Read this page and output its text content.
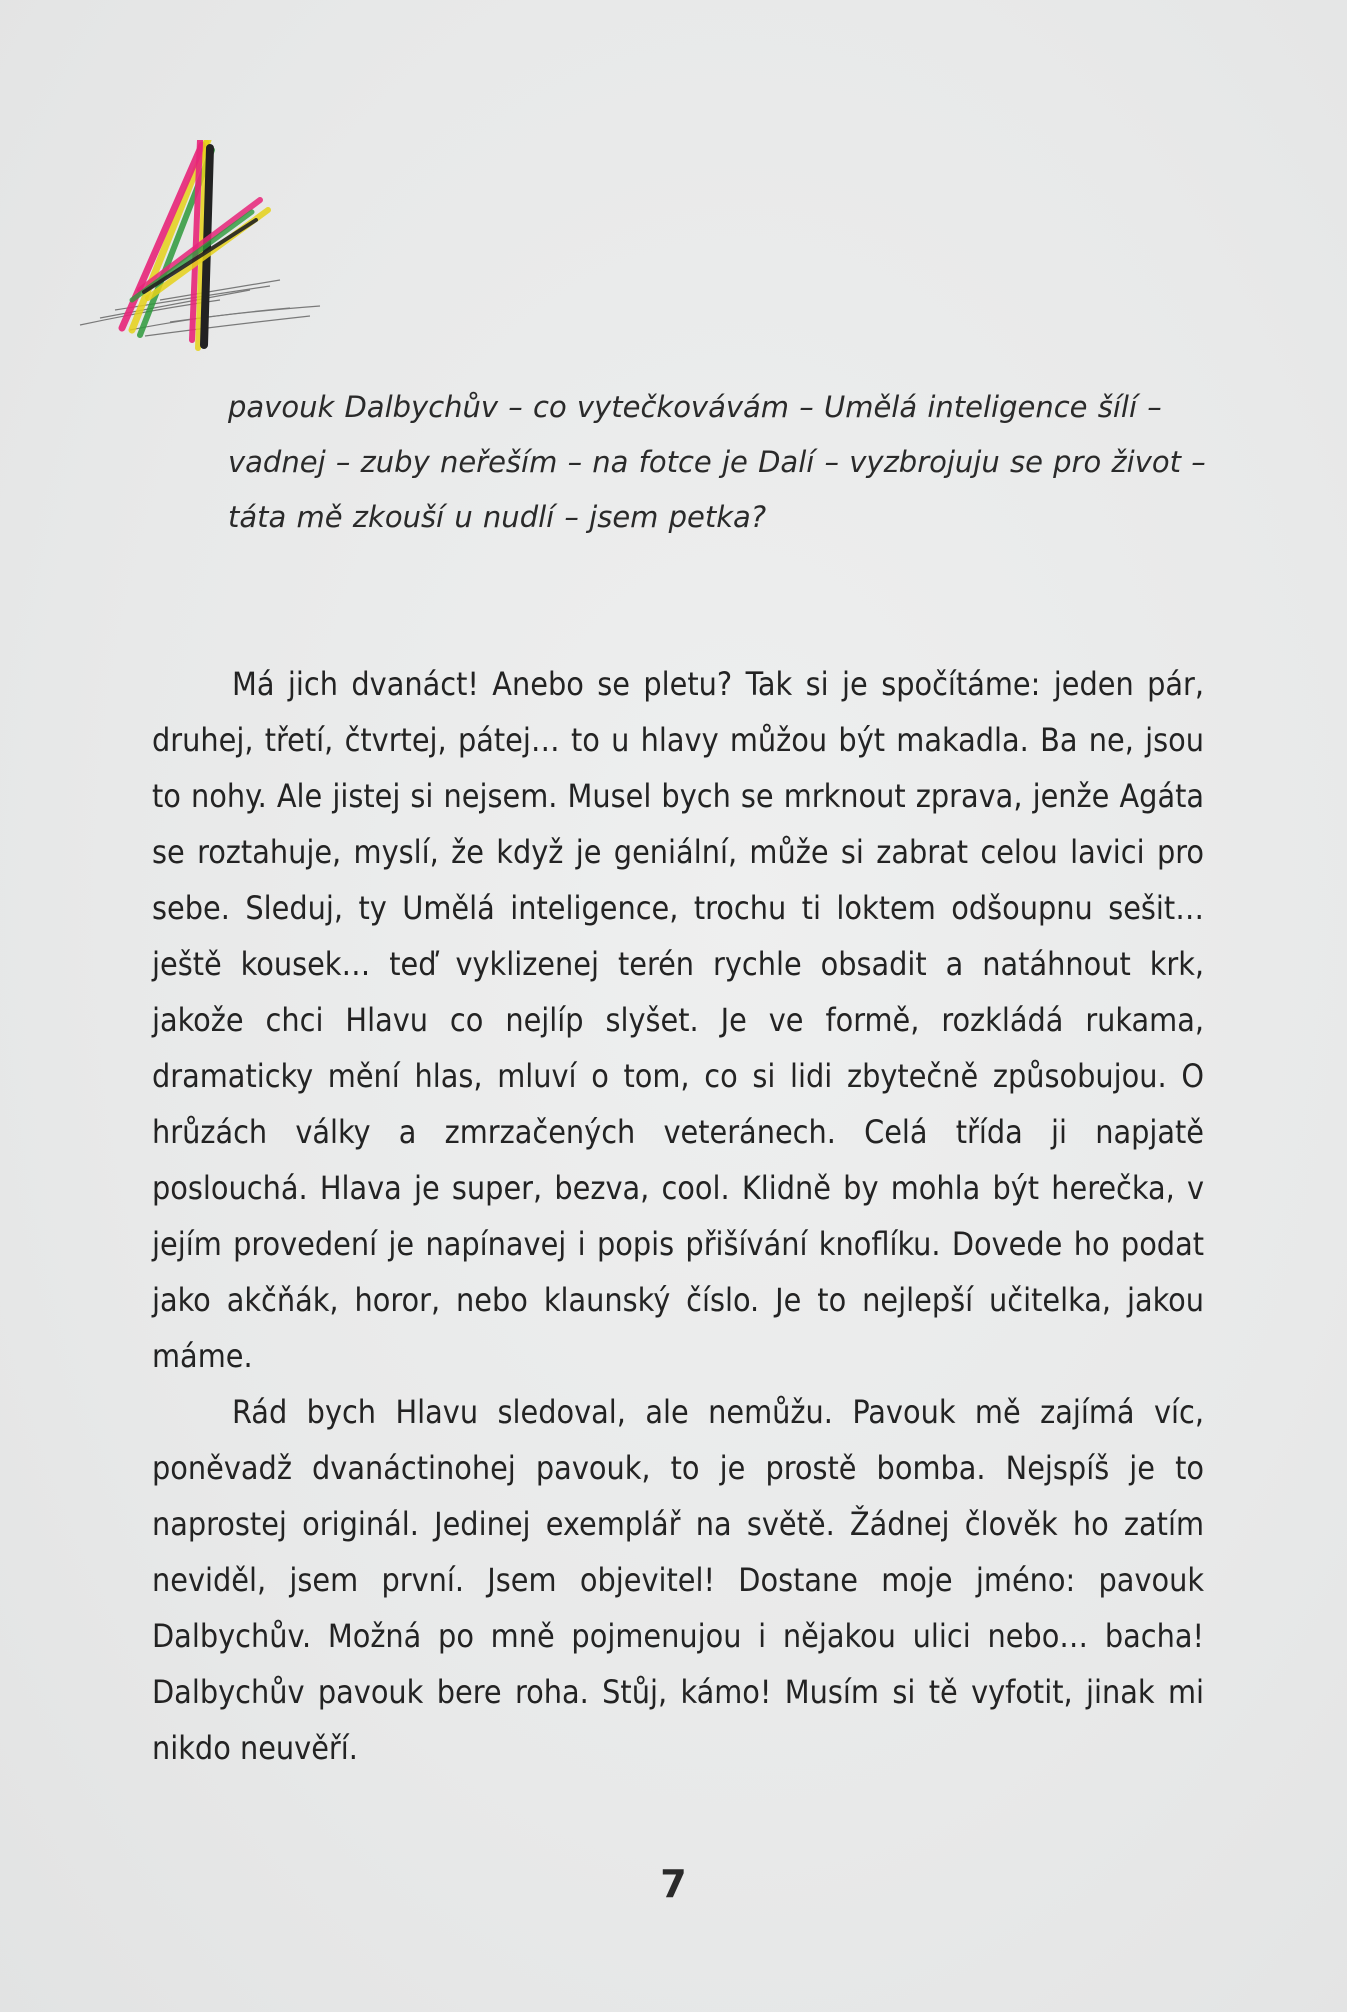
pavouk Dalbychův – co vytečkovávám – Umělá inteligence šílí – vadnej – zuby neřeším – na fotce je Dalí – vyzbrojuju se pro život – táta mě zkouší u nudlí – jsem petka?

Má jich dvanáct! Anebo se pletu? Tak si je spočítáme: jeden pár, druhej, třetí, čtvrtej, pátej… to u hlavy můžou být makadla. Ba ne, jsou to nohy. Ale jistej si nejsem. Musel bych se mrknout zprava, jenže Agáta se roztahuje, myslí, že když je geniální, může si zabrat celou lavici pro sebe. Sleduj, ty Umělá inteligence, trochu ti loktem odšoupnu sešit… ještě kousek… teď vyklizenej terén rychle obsadit a natáhnout krk, jakože chci Hlavu co nejlíp slyšet. Je ve formě, rozkládá rukama, dramaticky mění hlas, mluví o tom, co si lidi zbytečně způsobujou. O hrůzách války a zmrzačených veteránech. Celá třída ji napjatě poslouchá. Hlava je super, bezva, cool. Klidně by mohla být herečka, v jejím provedení je napínavej i popis přišívání knoflíku. Dovede ho podat jako akčňák, horor, nebo klaunský číslo. Je to nejlepší učitelka, jakou máme.

Rád bych Hlavu sledoval, ale nemůžu. Pavouk mě zajímá víc, poněvadž dvanáctinohej pavouk, to je prostě bomba. Nejspíš je to naprostej originál. Jedinej exemplář na světě. Žádnej člověk ho zatím neviděl, jsem první. Jsem objevitel! Dostane moje jméno: pavouk Dalbychův. Možná po mně pojmenujou i nějakou ulici nebo… bacha! Dalbychův pavouk bere roha. Stůj, kámo! Musím si tě vyfotit, jinak mi nikdo neuvěří.

7
